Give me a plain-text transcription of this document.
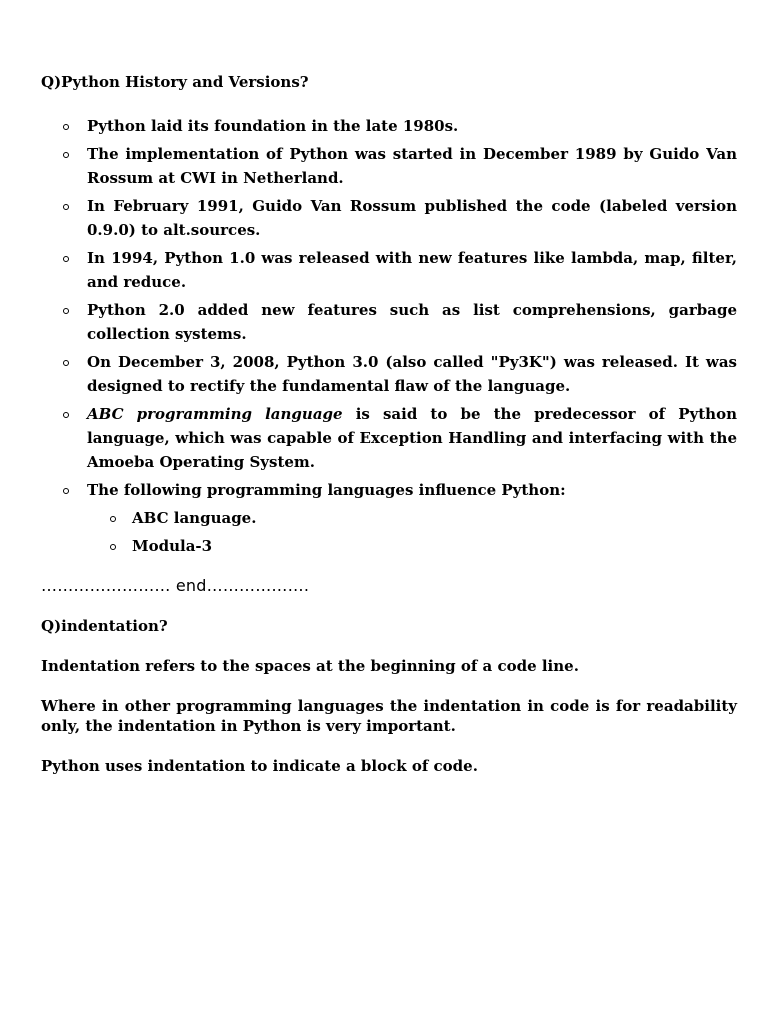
Q)Python History and Versions?

Python laid its foundation in the late 1980s.
The implementation of Python was started in December 1989 by Guido Van Rossum at CWI in Netherland.
In February 1991, Guido Van Rossum published the code (labeled version 0.9.0) to alt.sources.
In 1994, Python 1.0 was released with new features like lambda, map, filter, and reduce.
Python 2.0 added new features such as list comprehensions, garbage collection systems.
On December 3, 2008, Python 3.0 (also called "Py3K") was released. It was designed to rectify the fundamental flaw of the language.
ABC programming language is said to be the predecessor of Python language, which was capable of Exception Handling and interfacing with the Amoeba Operating System.
The following programming languages influence Python:
ABC language.
Modula-3
…………………… end……………….

Q)indentation?

Indentation refers to the spaces at the beginning of a code line.

Where in other programming languages the indentation in code is for readability only, the indentation in Python is very important.

Python uses indentation to indicate a block of code.
